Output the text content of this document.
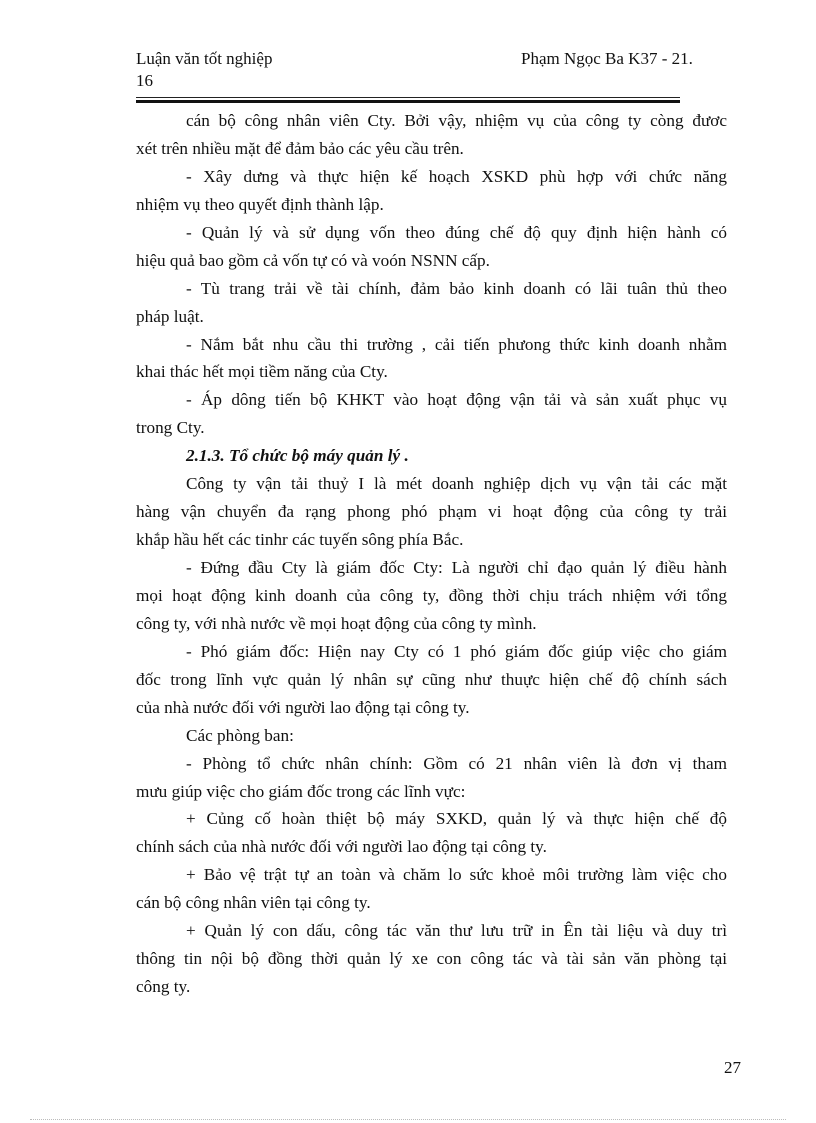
Luận văn tốt nghiệp	Phạm Ngọc Ba K37 - 21.
16
cán bộ công nhân viên Cty. Bởi vậy, nhiệm vụ của công ty còng đươc
xét trên nhiều mặt để đảm bảo các yêu cầu trên.
- Xây dưng và thực hiện kế hoạch XSKD phù hợp với chức năng
nhiệm vụ theo quyết định thành lập.
- Quản lý và sử dụng vốn theo đúng chế độ quy định hiện hành có
hiệu quả bao gồm cả vốn tự có và voón NSNN cấp.
- Tù trang trải về tài chính, đảm bảo kinh doanh có lãi tuân thủ theo
pháp luật.
- Nắm bắt nhu cầu thi trường , cải tiến phưong thức kinh doanh nhằm
khai thác hết mọi tiềm năng của Cty.
- Áp dông tiến bộ KHKT vào hoạt động vận tải và sản xuất phục vụ
trong Cty.
2.1.3. Tổ chức bộ máy quản lý .
Công ty vận tải thuỷ I là mét doanh nghiệp dịch vụ vận tải các mặt
hàng vận chuyển đa rạng phong phó phạm vi hoạt động của công ty trải
khắp hầu hết các tinhr các tuyến sông phía Bắc.
- Đứng đầu Cty là giám đốc Cty: Là người chỉ đạo quản lý điều hành
mọi hoạt động kinh doanh của công ty, đồng thời chịu trách nhiệm với tổng
công ty, với nhà nước về mọi hoạt động của công ty mình.
- Phó giám đốc: Hiện nay Cty có 1 phó giám đốc giúp việc cho giám
đốc trong lĩnh vực quản lý nhân sự cũng như thuực hiện chế độ chính sách
của nhà nước đối với người lao động tại công ty.
Các phòng ban:
- Phòng tổ chức nhân chính: Gồm có 21 nhân viên là đơn vị tham
mưu giúp việc cho giám đốc trong các lĩnh vực:
+ Củng cố hoàn thiệt bộ máy SXKD, quản lý và thực hiện chế độ
chính sách của nhà nước đối với người lao động tại công ty.
+ Bảo vệ trật tự an toàn và chăm lo sức khoẻ môi trường làm việc cho
cán bộ công nhân viên tại công ty.
+ Quản lý con dấu, công tác văn thư lưu trữ in Ên tài liệu và duy trì
thông tin nội bộ đồng thời quản lý xe con công tác và tài sản văn phòng tại
công ty.
27
